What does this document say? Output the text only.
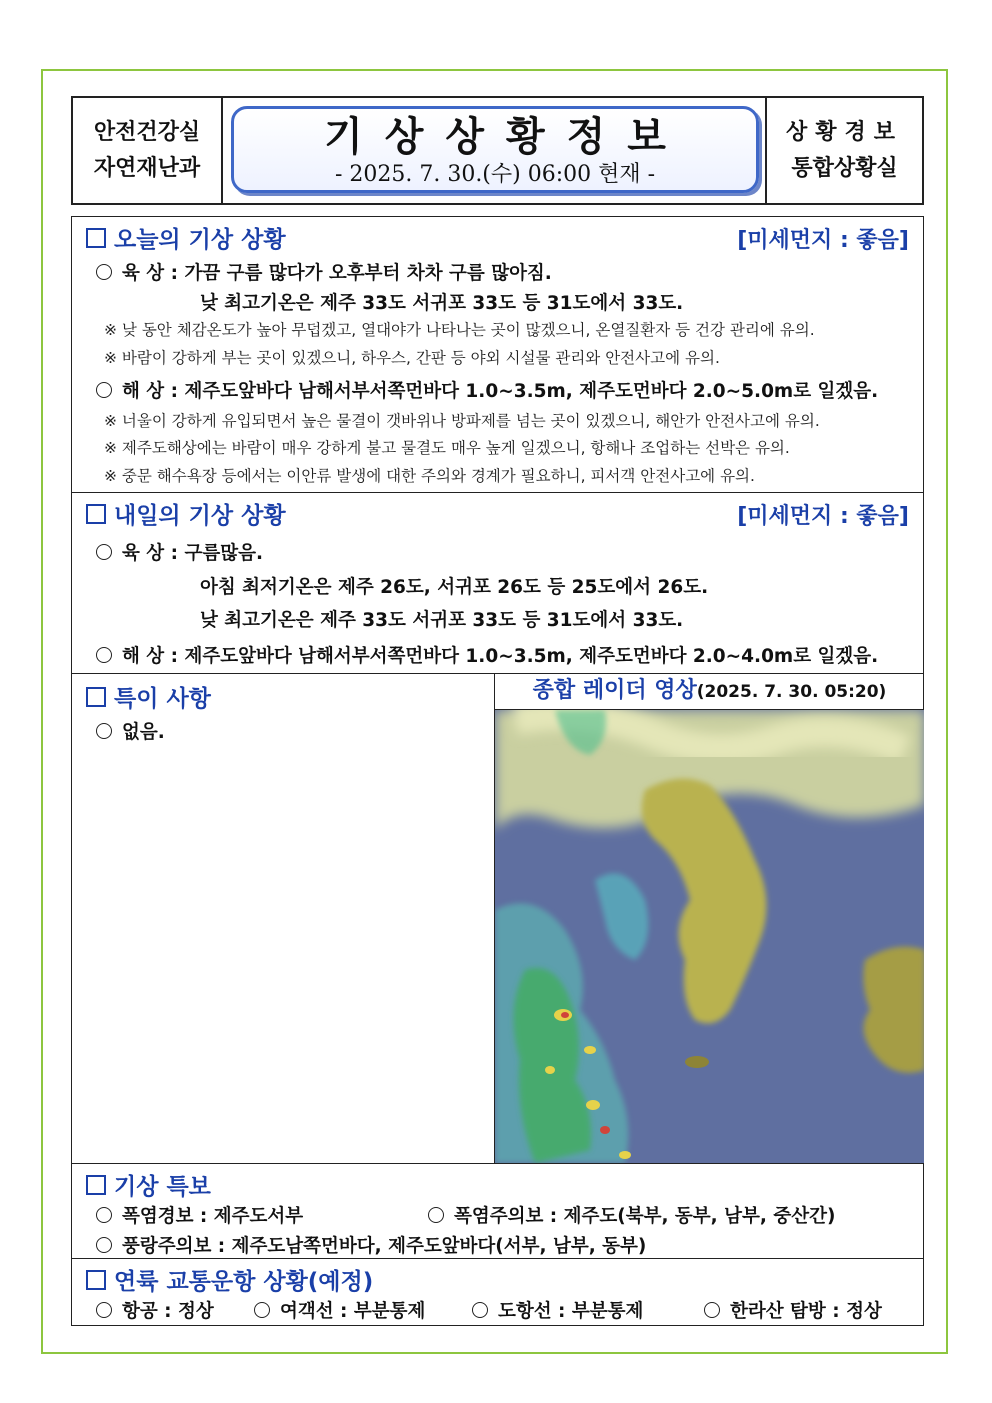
안전건강실
자연재난과
기상상황정보
- 2025. 7. 30.(수) 06:00 현재 -
상황경보
통합상황실
오늘의 기상 상황	[미세먼지 : 좋음]
육 상 : 가끔 구름 많다가 오후부터 차차 구름 많아짐.
낮 최고기온은 제주 33도 서귀포 33도 등 31도에서 33도.
※ 낮 동안 체감온도가 높아 무덥겠고, 열대야가 나타나는 곳이 많겠으니, 온열질환자 등 건강 관리에 유의.
※ 바람이 강하게 부는 곳이 있겠으니, 하우스, 간판 등 야외 시설물 관리와 안전사고에 유의.
해 상 : 제주도앞바다 남해서부서쪽먼바다 1.0~3.5m, 제주도먼바다 2.0~5.0m로 일겠음.
※ 너울이 강하게 유입되면서 높은 물결이 갯바위나 방파제를 넘는 곳이 있겠으니, 해안가 안전사고에 유의.
※ 제주도해상에는 바람이 매우 강하게 불고 물결도 매우 높게 일겠으니, 항해나 조업하는 선박은 유의.
※ 중문 해수욕장 등에서는 이안류 발생에 대한 주의와 경계가 필요하니, 피서객 안전사고에 유의.
내일의 기상 상황	[미세먼지 : 좋음]
육 상 : 구름많음.
아침 최저기온은 제주 26도, 서귀포 26도 등 25도에서 26도.
낮 최고기온은 제주 33도 서귀포 33도 등 31도에서 33도.
해 상 : 제주도앞바다 남해서부서쪽먼바다 1.0~3.5m, 제주도먼바다 2.0~4.0m로 일겠음.
특이 사항
없음.
종합 레이더 영상(2025. 7. 30. 05:20)
기상 특보
폭염경보 : 제주도서부	폭염주의보 : 제주도(북부, 동부, 남부, 중산간)
풍랑주의보 : 제주도남쪽먼바다, 제주도앞바다(서부, 남부, 동부)
연륙 교통운항 상황(예정)
항공 : 정상	여객선 : 부분통제	도항선 : 부분통제	한라산 탐방 : 정상
